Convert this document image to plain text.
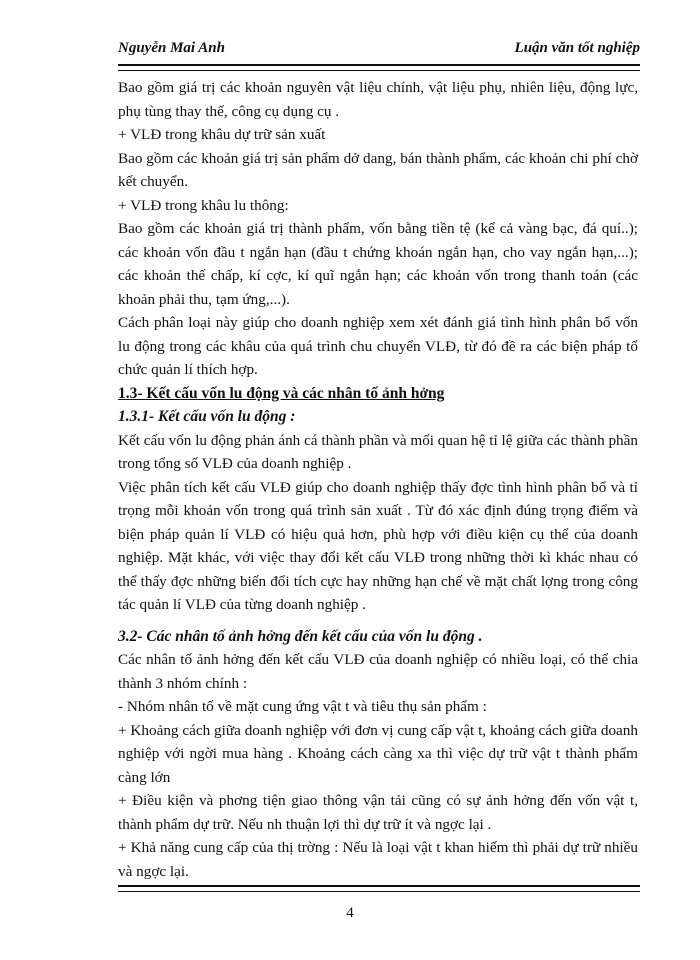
Nguyễn Mai Anh	Luận văn tốt nghiệp

Bao gồm giá trị các khoản nguyên vật liệu chính, vật liệu phụ, nhiên liệu, động lực, phụ tùng thay thế, công cụ dụng cụ .

+ VLĐ trong khâu dự trữ sản xuất

Bao gồm các khoản giá trị sản phẩm dở dang, bán thành phẩm, các khoản chi phí chờ kết chuyển.

+ VLĐ trong khâu lu thông:

Bao gồm các khoản giá trị thành phẩm, vốn bằng tiền tệ (kể cả vàng bạc, đá quí..); các khoản vốn đầu t ngắn hạn (đầu t chứng khoán ngắn hạn, cho vay ngắn hạn,...); các khoản thế chấp, kí cợc, kí quĩ ngắn hạn; các khoản vốn trong thanh toán (các khoản phải thu, tạm ứng,...).

Cách phân loại này giúp cho doanh nghiệp xem xét đánh giá tình hình phân bổ vốn lu động trong các khâu của quá trình chu chuyển VLĐ, từ đó đề ra các biện pháp tổ chức quản lí thích hợp.

1.3- Kết cấu vốn lu động và các nhân tố ảnh hởng

1.3.1- Kết cấu vốn lu động :

Kết cấu vốn lu động phản ánh cá thành phần và mối quan hệ tỉ lệ giữa các thành phần trong tổng số VLĐ của doanh nghiệp .

Việc phân tích kết cấu VLĐ giúp cho doanh nghiệp thấy đợc tình hình phân bổ và tỉ trọng mỗi khoản vốn trong quá trình sản xuất . Từ đó xác định đúng trọng điểm và biện pháp quản lí VLĐ có hiệu quả hơn, phù hợp với điều kiện cụ thể của doanh nghiệp. Mặt khác, với việc thay đổi kết cấu VLĐ trong những thời kì khác nhau có thể thấy đợc những biến đổi tích cực hay những hạn chế về mặt chất lợng trong công tác quản lí VLĐ của từng doanh nghiệp .

3.2- Các nhân tố ảnh hởng đến kết cấu của vốn lu động .

Các nhân tố ảnh hởng đến kết cấu VLĐ của doanh nghiệp có nhiều loại, có thể chia thành 3 nhóm chính :

- Nhóm nhân tố về mặt cung ứng vật t và tiêu thụ sản phẩm :

+ Khoảng cách giữa doanh nghiệp với đơn vị cung cấp vật t, khoảng cách giữa doanh nghiệp với ngời mua hàng . Khoảng cách càng xa thì việc dự trữ vật t thành phẩm càng lớn

+ Điều kiện và phơng tiện giao thông vận tải cũng có sự ảnh hởng đến vốn vật t, thành phẩm dự trữ. Nếu nh thuận lợi thì dự trữ ít và ngợc lại .

+ Khả năng cung cấp của thị trờng : Nếu là loại vật t khan hiếm thì phải dự trữ nhiều và ngợc lại.

4
